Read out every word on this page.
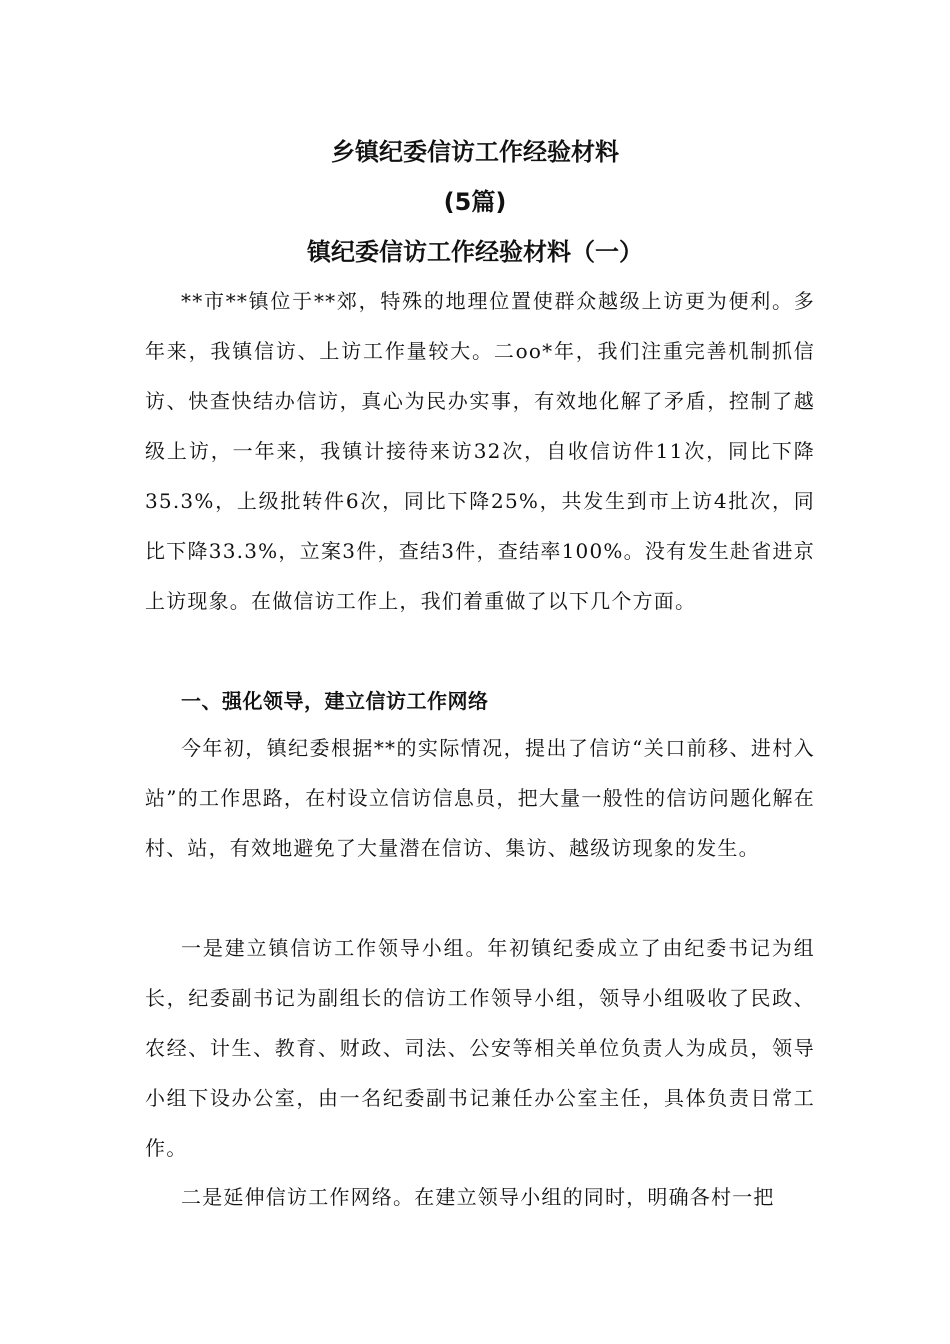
乡镇纪委信访工作经验材料
(5篇)
镇纪委信访工作经验材料（一）

**市**镇位于**郊，特殊的地理位置使群众越级上访更为便利。多年来，我镇信访、上访工作量较大。二oo*年，我们注重完善机制抓信访、快查快结办信访，真心为民办实事，有效地化解了矛盾，控制了越级上访，一年来，我镇计接待来访32次，自收信访件11次，同比下降35.3%，上级批转件6次，同比下降25%，共发生到市上访4批次，同比下降33.3%，立案3件，查结3件，查结率100%。没有发生赴省进京上访现象。在做信访工作上，我们着重做了以下几个方面。

一、强化领导，建立信访工作网络

今年初，镇纪委根据**的实际情况，提出了信访“关口前移、进村入站”的工作思路，在村设立信访信息员，把大量一般性的信访问题化解在村、站，有效地避免了大量潜在信访、集访、越级访现象的发生。

一是建立镇信访工作领导小组。年初镇纪委成立了由纪委书记为组长，纪委副书记为副组长的信访工作领导小组，领导小组吸收了民政、农经、计生、教育、财政、司法、公安等相关单位负责人为成员，领导小组下设办公室，由一名纪委副书记兼任办公室主任，具体负责日常工作。

二是延伸信访工作网络。在建立领导小组的同时，明确各村一把
